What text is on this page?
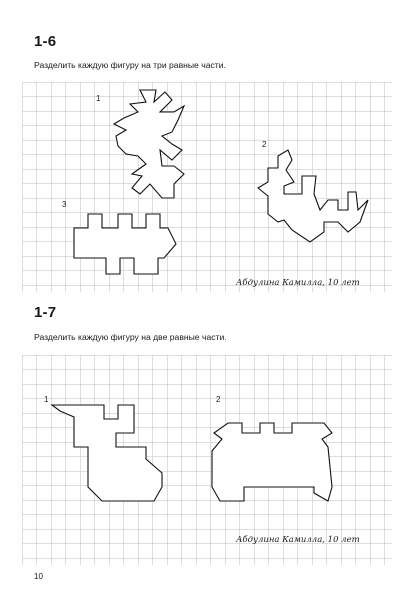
1-6
Разделить каждую фигуру на три равные части.
1
2
3
Абдулина Камилла, 10 лет
1-7
Разделить каждую фигуру на две равные части.
1	2
Абдулина Камилла, 10 лет
10
